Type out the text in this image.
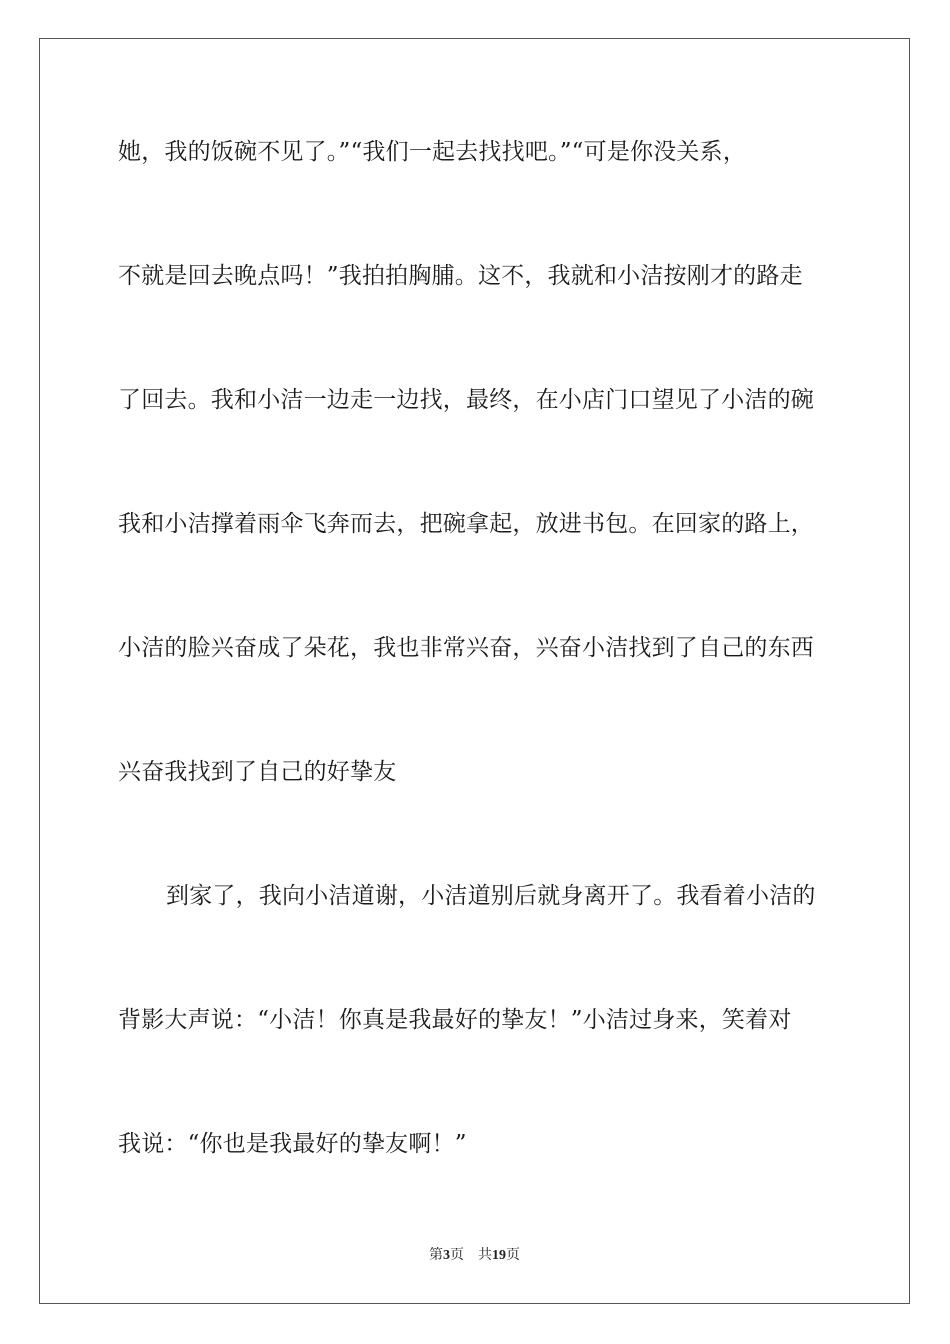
她，我的饭碗不见了。”“我们一起去找找吧。”“可是你没关系，
不就是回去晚点吗！”我拍拍胸脯。这不，我就和小洁按刚才的路走
了回去。我和小洁一边走一边找，最终，在小店门口望见了小洁的碗
我和小洁撑着雨伞飞奔而去，把碗拿起，放进书包。在回家的路上，
小洁的脸兴奋成了朵花，我也非常兴奋，兴奋小洁找到了自己的东西
兴奋我找到了自己的好挚友
到家了，我向小洁道谢，小洁道别后就身离开了。我看着小洁的
背影大声说：“小洁！你真是我最好的挚友！”小洁过身来，笑着对
我说：“你也是我最好的挚友啊！”
第3页 共19页
